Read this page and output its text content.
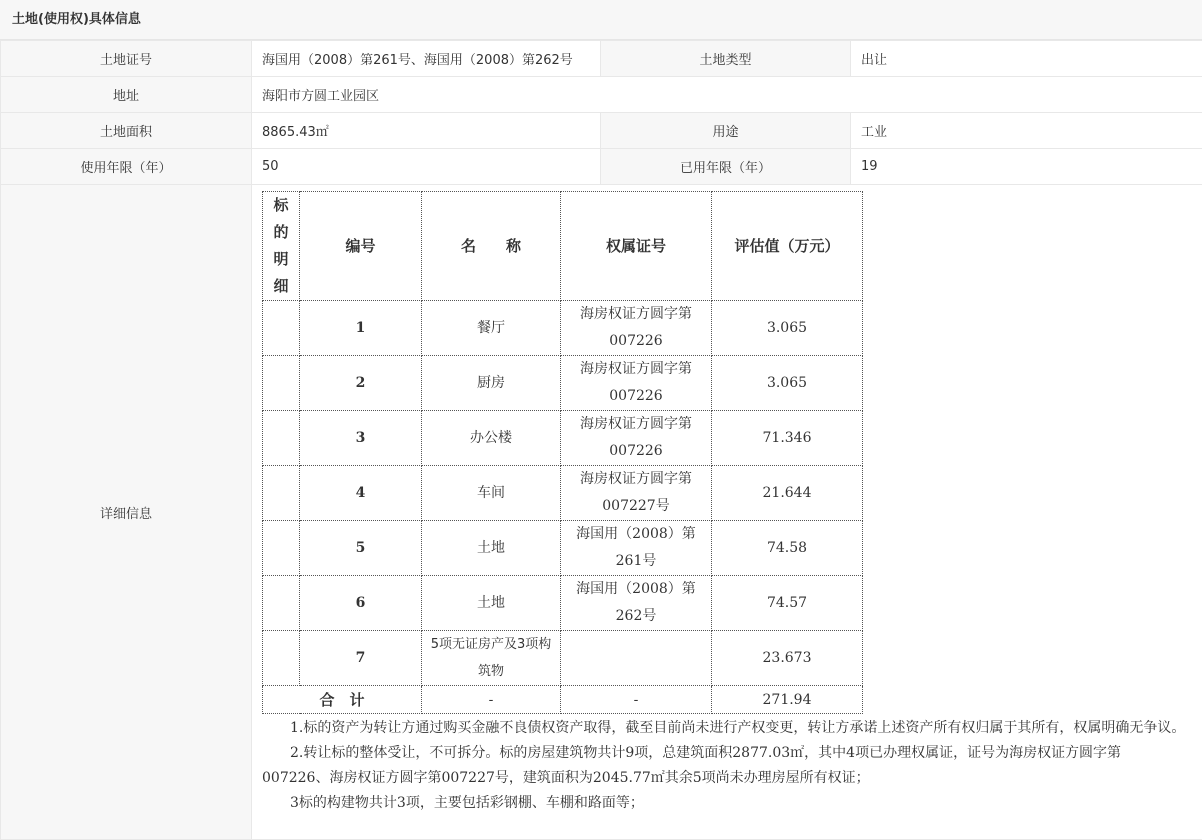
土地(使用权)具体信息
土地证号	海国用（2008）第261号、海国用（2008）第262号	土地类型	出让
地址	海阳市方圆工业园区
土地面积	8865.43㎡	用途	工业
使用年限（年）	50	已用年限（年）	19
详细信息	
标的明细	编号	名　　称	权属证号	评估值（万元）
	1	餐厅	海房权证方圆字第007226	3.065
	2	厨房	海房权证方圆字第007226	3.065
	3	办公楼	海房权证方圆字第007226	71.346
	4	车间	海房权证方圆字第007227号	21.644
	5	土地	海国用（2008）第261号	74.58
	6	土地	海国用（2008）第262号	74.57
	7	5项无证房产及3项构筑物		23.673
合　计	-	-	271.94

1.标的资产为转让方通过购买金融不良债权资产取得，截至目前尚未进行产权变更，转让方承诺上述资产所有权归属于其所有，权属明确无争议。

2.转让标的整体受让，不可拆分。标的房屋建筑物共计9项，总建筑面积2877.03㎡，其中4项已办理权属证，证号为海房权证方圆字第007226、海房权证方圆字第007227号，建筑面积为2045.77㎡其余5项尚未办理房屋所有权证；

3标的构建物共计3项，主要包括彩钢棚、车棚和路面等；
